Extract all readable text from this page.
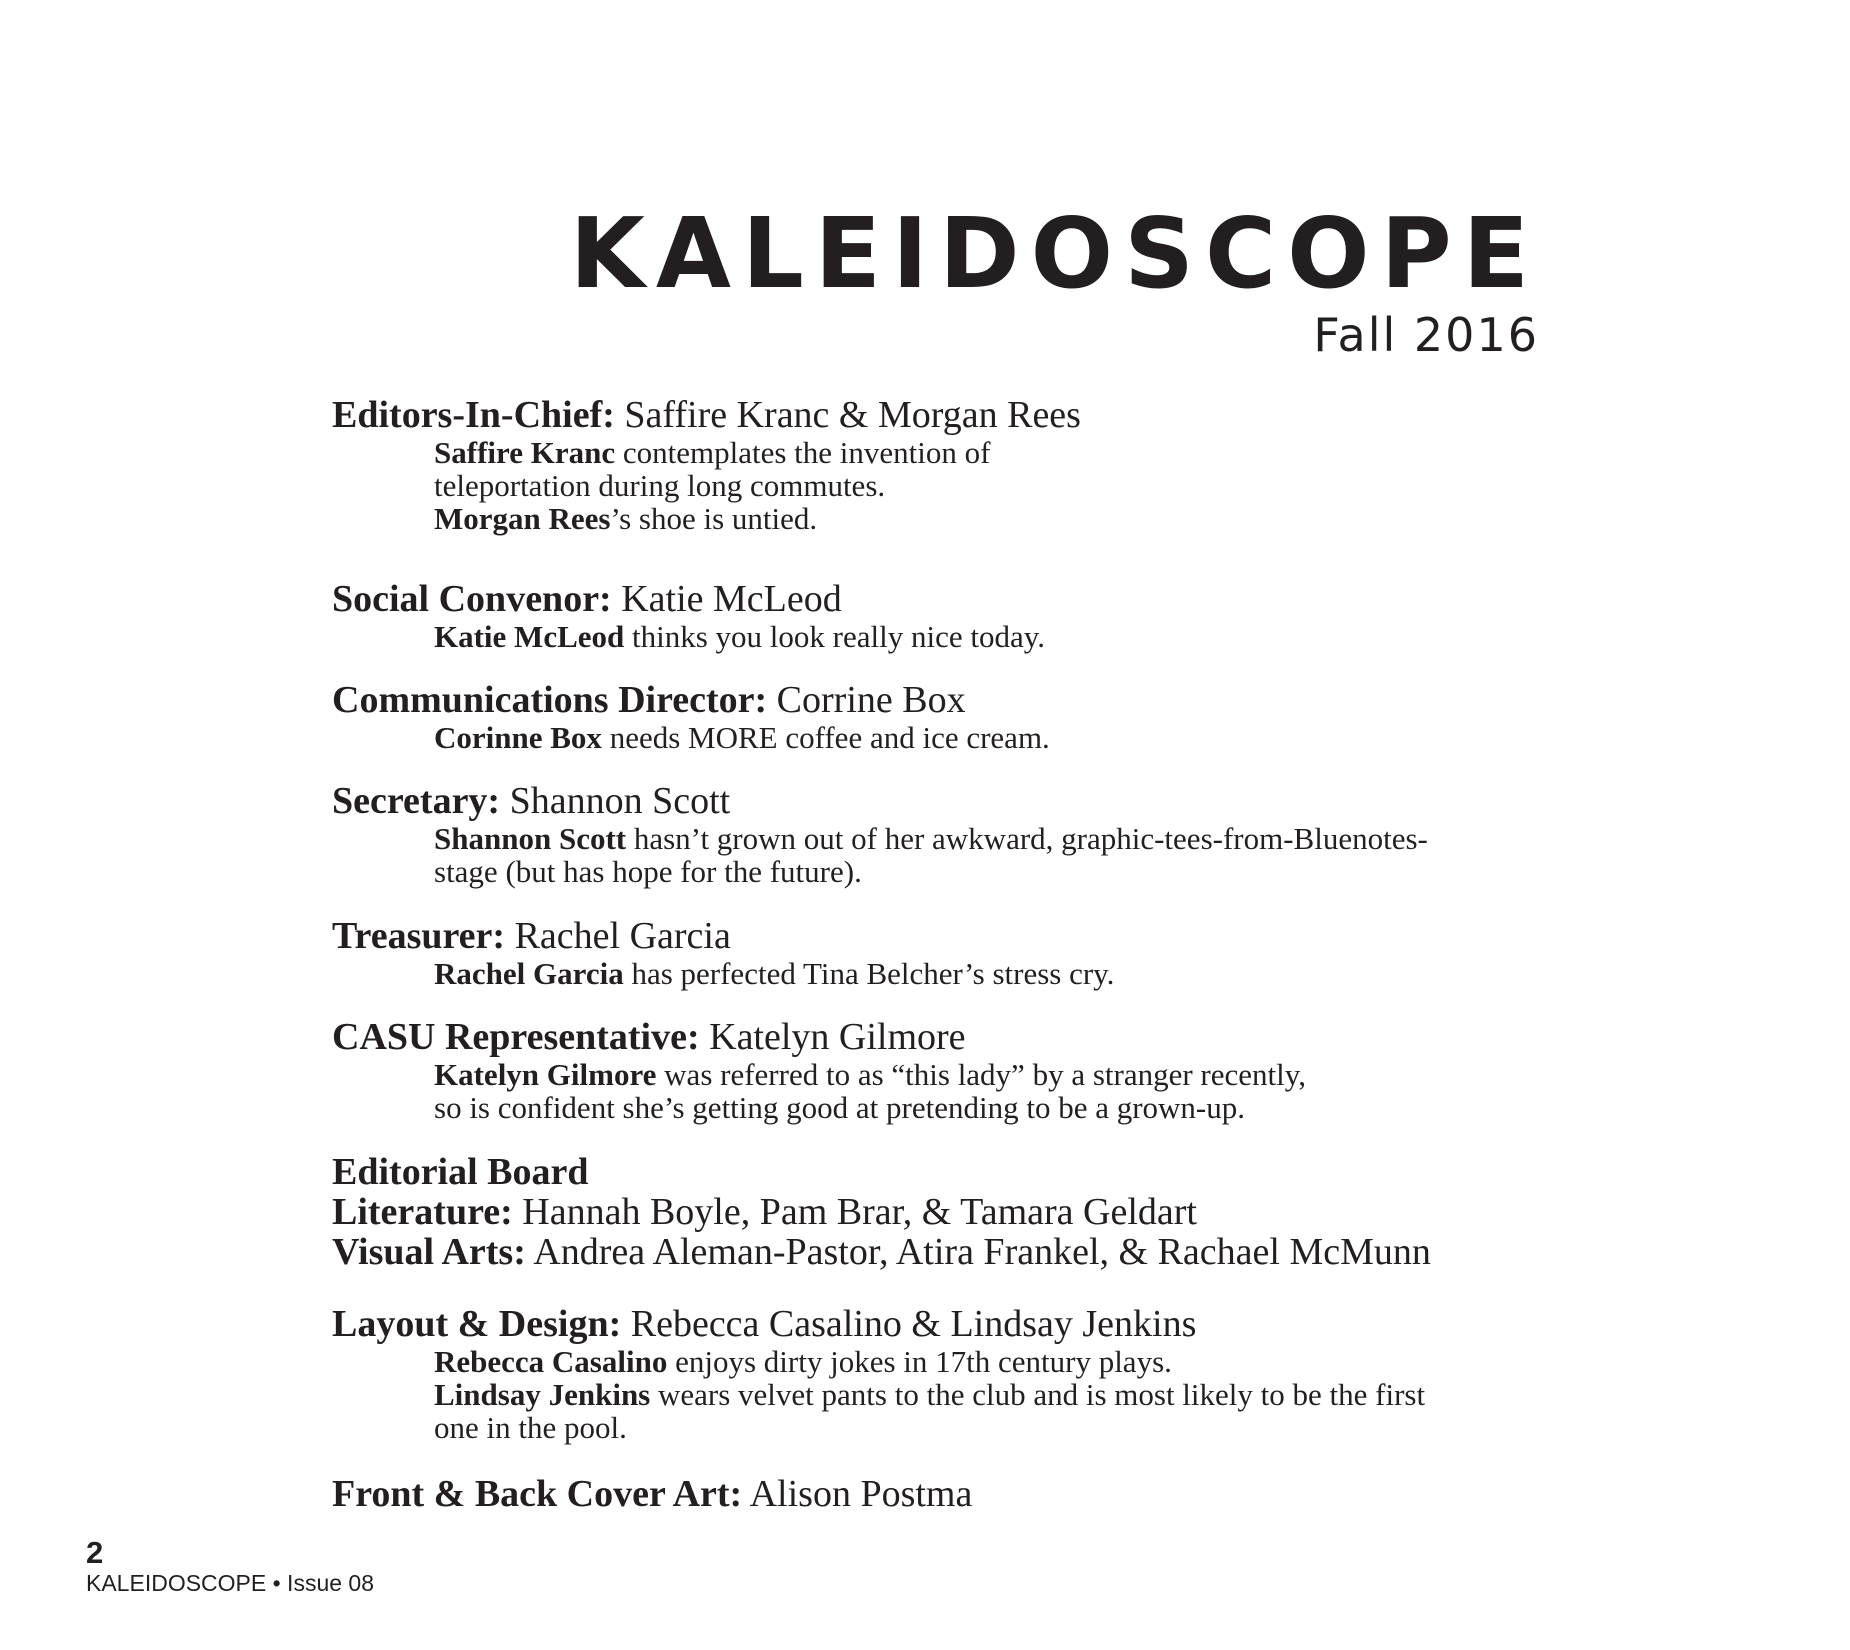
KALEIDOSCOPE
Fall 2016
Editors-In-Chief: Saffire Kranc & Morgan Rees
Saffire Kranc contemplates the invention of
teleportation during long commutes.
Morgan Rees’s shoe is untied.
Social Convenor: Katie McLeod
Katie McLeod thinks you look really nice today.
Communications Director: Corrine Box
Corinne Box needs MORE coffee and ice cream.
Secretary: Shannon Scott
Shannon Scott hasn’t grown out of her awkward, graphic-tees-from-Bluenotes-
stage (but has hope for the future).
Treasurer: Rachel Garcia
Rachel Garcia has perfected Tina Belcher’s stress cry.
CASU Representative: Katelyn Gilmore
Katelyn Gilmore was referred to as “this lady” by a stranger recently,
so is confident she’s getting good at pretending to be a grown-up.
Editorial Board
Literature: Hannah Boyle, Pam Brar, & Tamara Geldart
Visual Arts: Andrea Aleman-Pastor, Atira Frankel, & Rachael McMunn
Layout & Design: Rebecca Casalino & Lindsay Jenkins
Rebecca Casalino enjoys dirty jokes in 17th century plays.
Lindsay Jenkins wears velvet pants to the club and is most likely to be the first
one in the pool.
Front & Back Cover Art: Alison Postma
2
KALEIDOSCOPE • Issue 08
